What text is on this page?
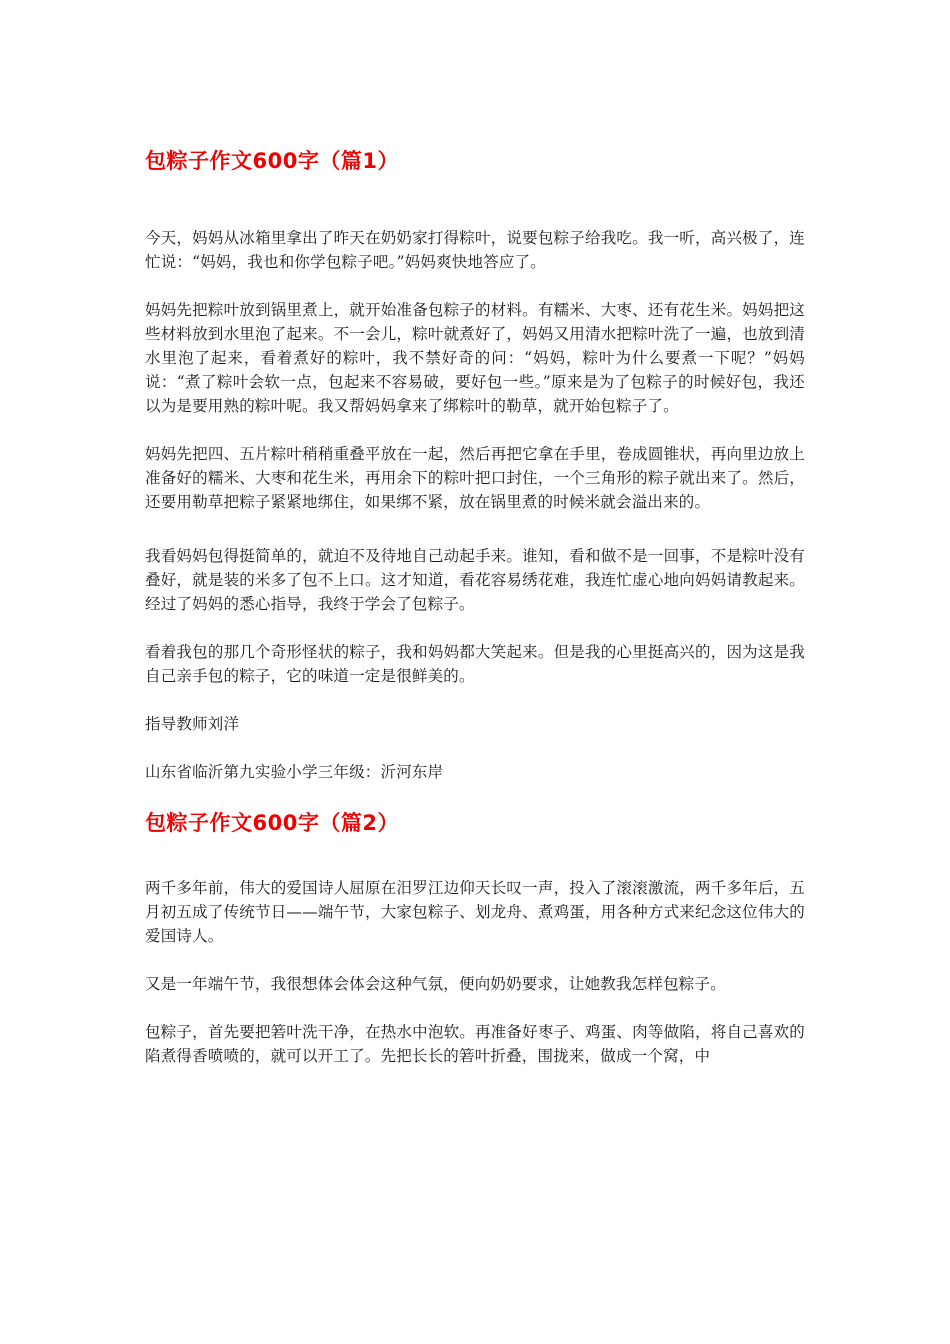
包粽子作文600字（篇1）

今天，妈妈从冰箱里拿出了昨天在奶奶家打得粽叶，说要包粽子给我吃。我一听，高兴极了，连忙说：“妈妈，我也和你学包粽子吧。”妈妈爽快地答应了。

妈妈先把粽叶放到锅里煮上，就开始准备包粽子的材料。有糯米、大枣、还有花生米。妈妈把这些材料放到水里泡了起来。不一会儿，粽叶就煮好了，妈妈又用清水把粽叶洗了一遍，也放到清水里泡了起来，看着煮好的粽叶，我不禁好奇的问：“妈妈，粽叶为什么要煮一下呢？”妈妈说：“煮了粽叶会软一点，包起来不容易破，要好包一些。”原来是为了包粽子的时候好包，我还以为是要用熟的粽叶呢。我又帮妈妈拿来了绑粽叶的勒草，就开始包粽子了。

妈妈先把四、五片粽叶稍稍重叠平放在一起，然后再把它拿在手里，卷成圆锥状，再向里边放上准备好的糯米、大枣和花生米，再用余下的粽叶把口封住，一个三角形的粽子就出来了。然后，还要用勒草把粽子紧紧地绑住，如果绑不紧，放在锅里煮的时候米就会溢出来的。

我看妈妈包得挺简单的，就迫不及待地自己动起手来。谁知，看和做不是一回事，不是粽叶没有叠好，就是装的米多了包不上口。这才知道，看花容易绣花难，我连忙虚心地向妈妈请教起来。经过了妈妈的悉心指导，我终于学会了包粽子。

看着我包的那几个奇形怪状的粽子，我和妈妈都大笑起来。但是我的心里挺高兴的，因为这是我自己亲手包的粽子，它的味道一定是很鲜美的。

指导教师刘洋

山东省临沂第九实验小学三年级：沂河东岸

包粽子作文600字（篇2）

两千多年前，伟大的爱国诗人屈原在汨罗江边仰天长叹一声，投入了滚滚激流，两千多年后，五月初五成了传统节日——端午节，大家包粽子、划龙舟、煮鸡蛋，用各种方式来纪念这位伟大的爱国诗人。

又是一年端午节，我很想体会体会这种气氛，便向奶奶要求，让她教我怎样包粽子。

包粽子，首先要把箬叶洗干净，在热水中泡软。再准备好枣子、鸡蛋、肉等做陷，将自己喜欢的陷煮得香喷喷的，就可以开工了。先把长长的箬叶折叠，围拢来，做成一个窝，中
